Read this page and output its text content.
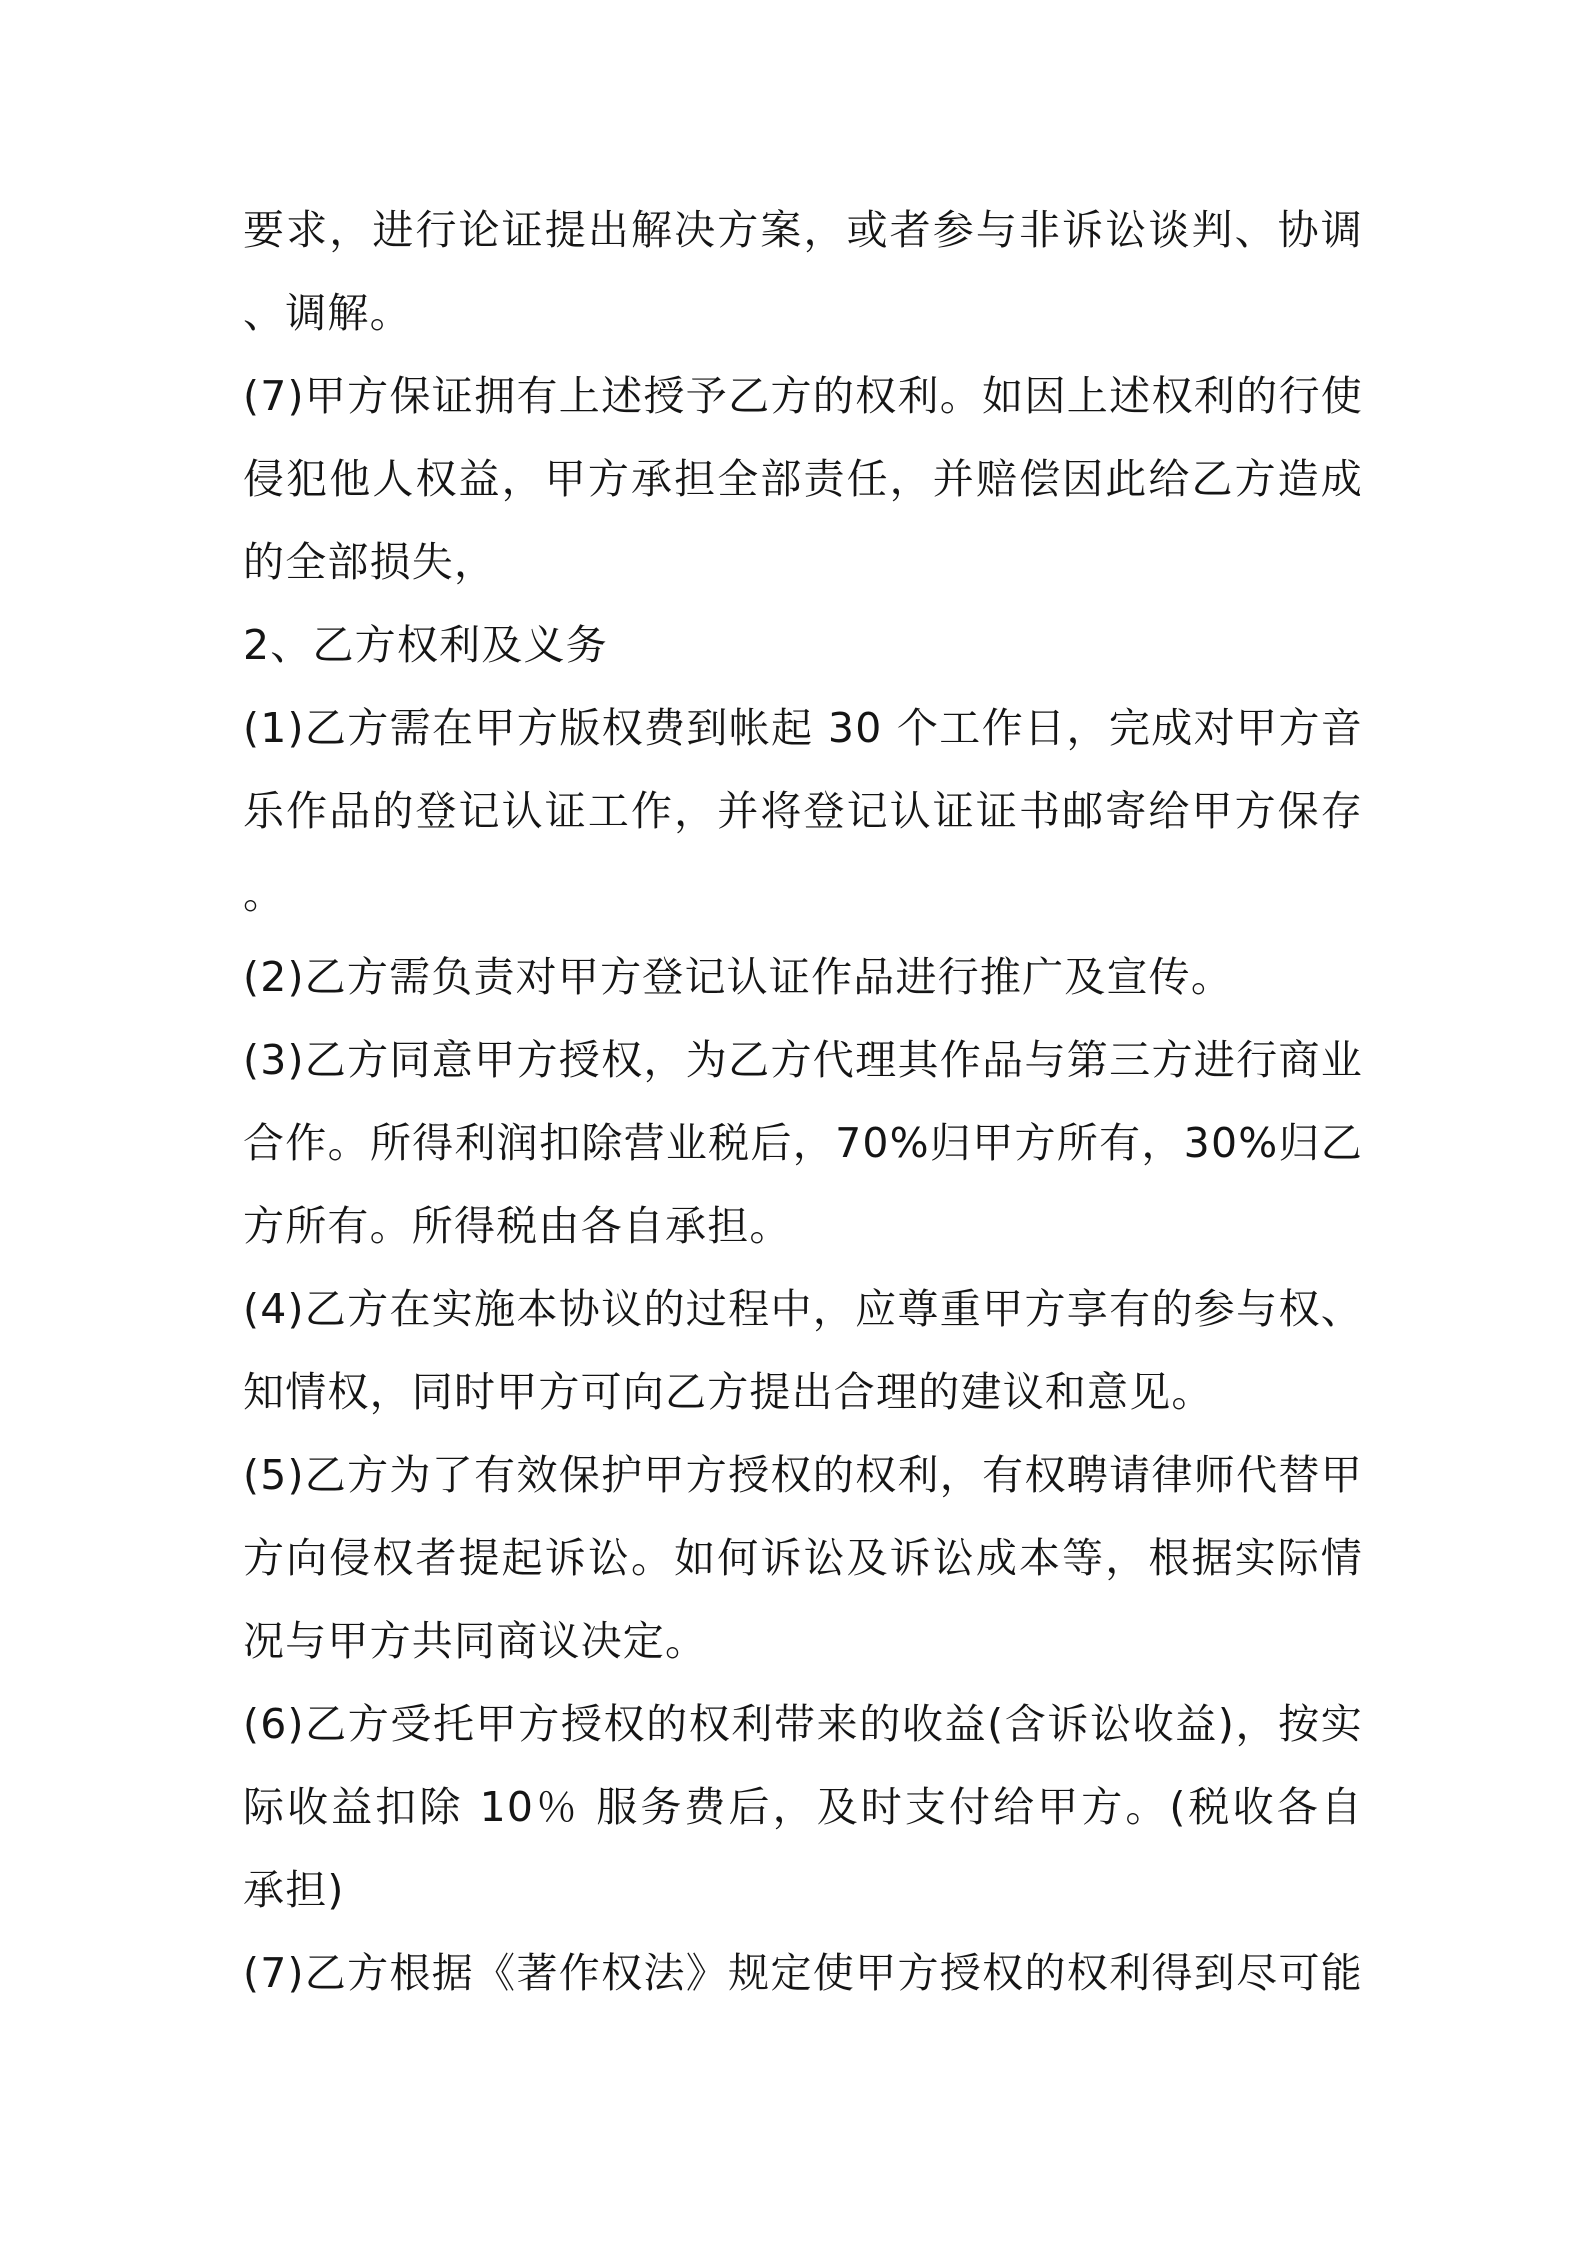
要求，进行论证提出解决方案，或者参与非诉讼谈判、协调
、调解。
(7)甲方保证拥有上述授予乙方的权利。如因上述权利的行使
侵犯他人权益，甲方承担全部责任，并赔偿因此给乙方造成
的全部损失，
2、乙方权利及义务
(1)乙方需在甲方版权费到帐起 30 个工作日，完成对甲方音
乐作品的登记认证工作，并将登记认证证书邮寄给甲方保存
。
(2)乙方需负责对甲方登记认证作品进行推广及宣传。
(3)乙方同意甲方授权，为乙方代理其作品与第三方进行商业
合作。所得利润扣除营业税后，70%归甲方所有，30%归乙
方所有。所得税由各自承担。
(4)乙方在实施本协议的过程中，应尊重甲方享有的参与权、
知情权，同时甲方可向乙方提出合理的建议和意见。
(5)乙方为了有效保护甲方授权的权利，有权聘请律师代替甲
方向侵权者提起诉讼。如何诉讼及诉讼成本等，根据实际情
况与甲方共同商议决定。
(6)乙方受托甲方授权的权利带来的收益(含诉讼收益)，按实
际收益扣除 10％ 服务费后，及时支付给甲方。(税收各自
承担)
(7)乙方根据《著作权法》规定使甲方授权的权利得到尽可能
